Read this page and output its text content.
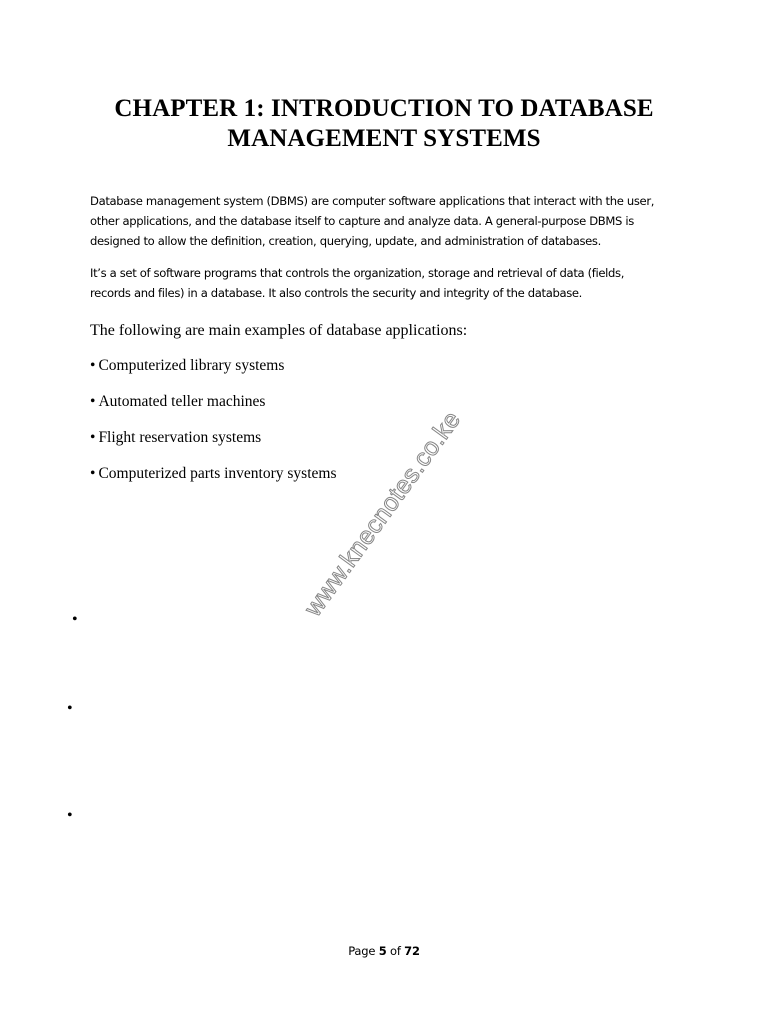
CHAPTER 1: INTRODUCTION TO DATABASE
MANAGEMENT SYSTEMS

Database management system (DBMS) are computer software applications that interact with the user,
other applications, and the database itself to capture and analyze data. A general-purpose DBMS is
designed to allow the definition, creation, querying, update, and administration of databases.

It’s a set of software programs that controls the organization, storage and retrieval of data (fields,
records and files) in a database. It also controls the security and integrity of the database.

The following are main examples of database applications:

• Computerized library systems
• Automated teller machines
• Flight reservation systems
• Computerized parts inventory systems
•
•
•
www.knecnotes.co.ke
Page 5 of 72
